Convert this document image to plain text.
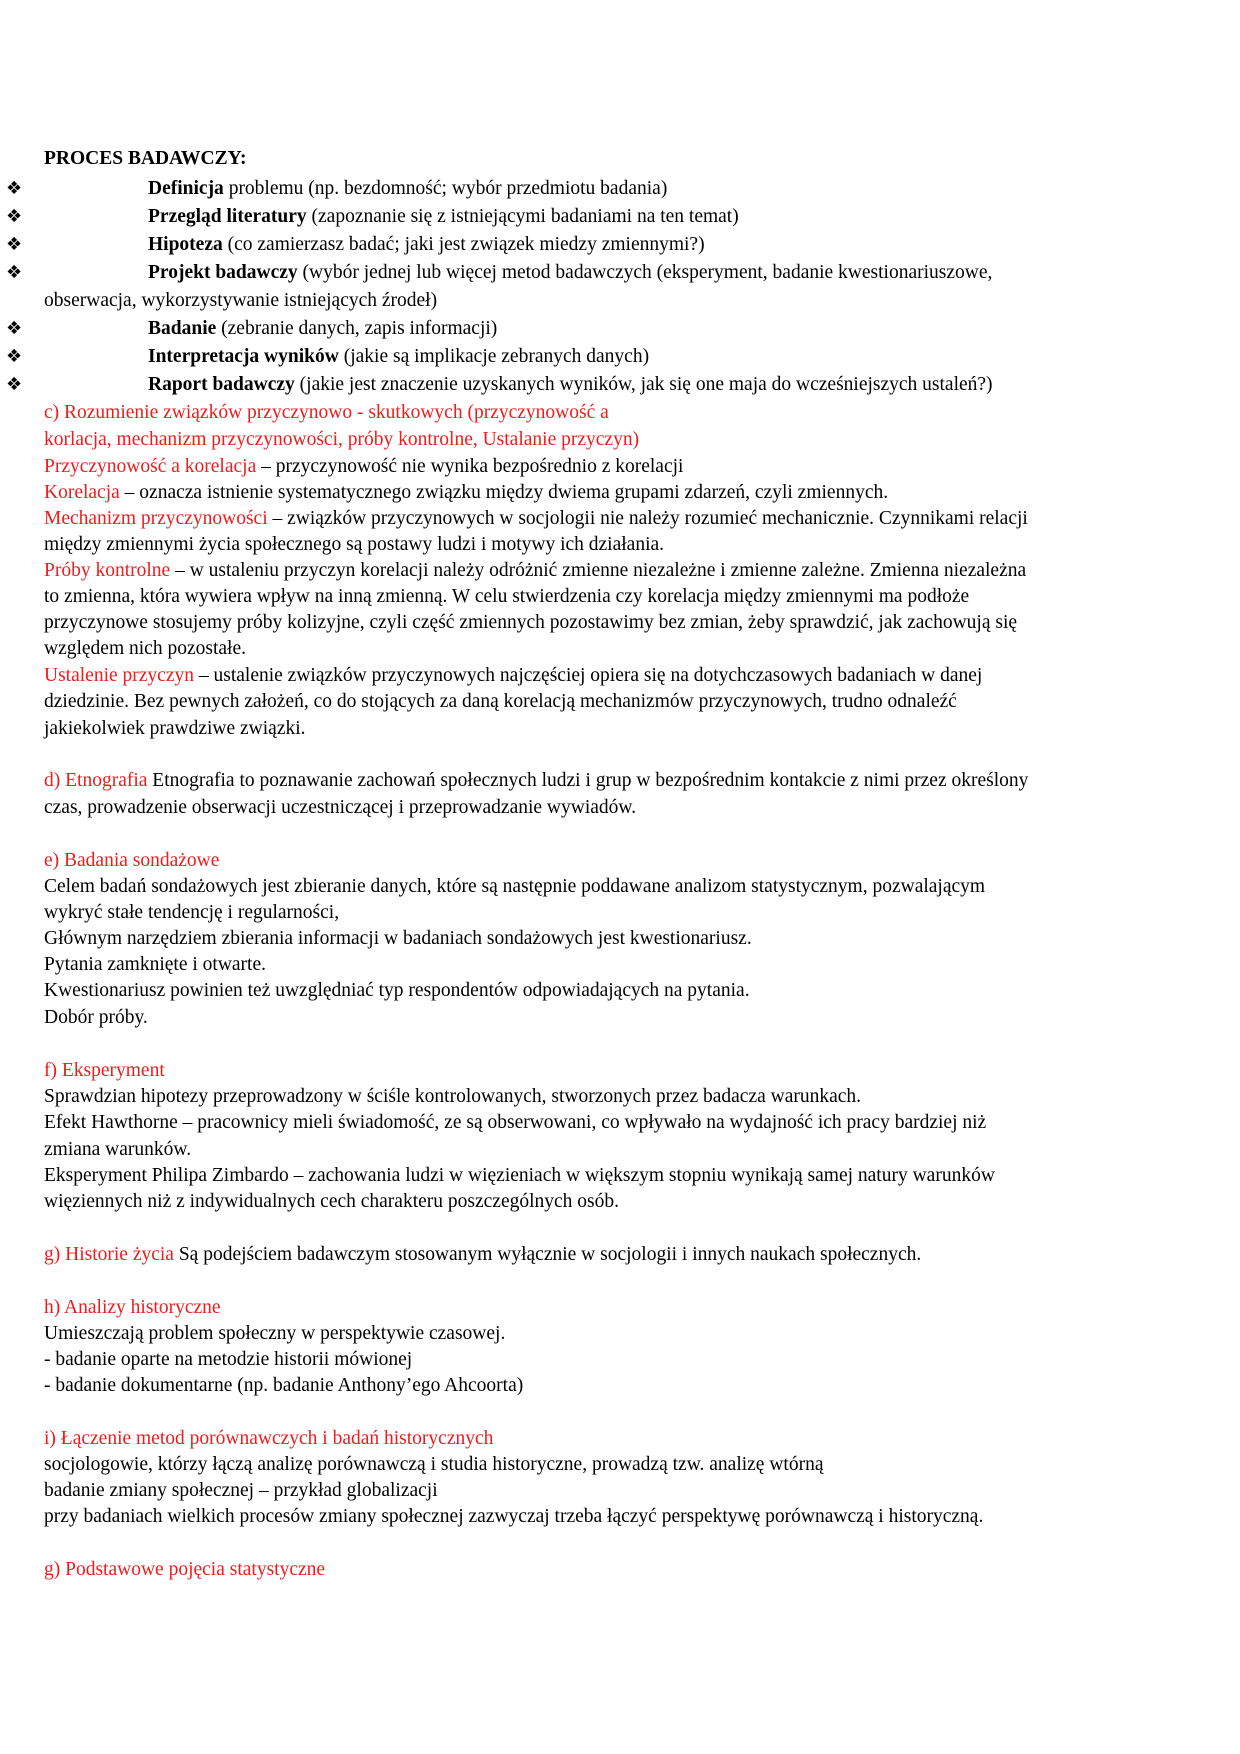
PROCES BADAWCZY:
❖	Definicja problemu (np. bezdomność; wybór przedmiotu badania)
❖	Przegląd literatury (zapoznanie się z istniejącymi badaniami na ten temat)
❖	Hipoteza (co zamierzasz badać; jaki jest związek miedzy zmiennymi?)
❖	Projekt badawczy (wybór jednej lub więcej metod badawczych (eksperyment, badanie kwestionariuszowe,
obserwacja, wykorzystywanie istniejących źrodeł)
❖	Badanie (zebranie danych, zapis informacji)
❖	Interpretacja wyników (jakie są implikacje zebranych danych)
❖	Raport badawczy (jakie jest znaczenie uzyskanych wyników, jak się one maja do wcześniejszych ustaleń?)
c) Rozumienie związków przyczynowo - skutkowych (przyczynowość a
korlacja, mechanizm przyczynowości, próby kontrolne, Ustalanie przyczyn)
Przyczynowość a korelacja – przyczynowość nie wynika bezpośrednio z korelacji
Korelacja – oznacza istnienie systematycznego związku między dwiema grupami zdarzeń, czyli zmiennych.
Mechanizm przyczynowości – związków przyczynowych w socjologii nie należy rozumieć mechanicznie. Czynnikami relacji
między zmiennymi życia społecznego są postawy ludzi i motywy ich działania.
Próby kontrolne – w ustaleniu przyczyn korelacji należy odróżnić zmienne niezależne i zmienne zależne. Zmienna niezależna
to zmienna, która wywiera wpływ na inną zmienną. W celu stwierdzenia czy korelacja między zmiennymi ma podłoże
przyczynowe stosujemy próby kolizyjne, czyli część zmiennych pozostawimy bez zmian, żeby sprawdzić, jak zachowują się
względem nich pozostałe.
Ustalenie przyczyn – ustalenie związków przyczynowych najczęściej opiera się na dotychczasowych badaniach w danej
dziedzinie. Bez pewnych założeń, co do stojących za daną korelacją mechanizmów przyczynowych, trudno odnaleźć
jakiekolwiek prawdziwe związki.
d) Etnografia Etnografia to poznawanie zachowań społecznych ludzi i grup w bezpośrednim kontakcie z nimi przez określony
czas, prowadzenie obserwacji uczestniczącej i przeprowadzanie wywiadów.
e) Badania sondażowe
Celem badań sondażowych jest zbieranie danych, które są następnie poddawane analizom statystycznym, pozwalającym
wykryć stałe tendencję i regularności,
Głównym narzędziem zbierania informacji w badaniach sondażowych jest kwestionariusz.
Pytania zamknięte i otwarte.
Kwestionariusz powinien też uwzględniać typ respondentów odpowiadających na pytania.
Dobór próby.
f) Eksperyment
Sprawdzian hipotezy przeprowadzony w ściśle kontrolowanych, stworzonych przez badacza warunkach.
Efekt Hawthorne – pracownicy mieli świadomość, ze są obserwowani, co wpływało na wydajność ich pracy bardziej niż
zmiana warunków.
Eksperyment Philipa Zimbardo – zachowania ludzi w więzieniach w większym stopniu wynikają samej natury warunków
więziennych niż z indywidualnych cech charakteru poszczególnych osób.
g) Historie życia Są podejściem badawczym stosowanym wyłącznie w socjologii i innych naukach społecznych.
h) Analizy historyczne
Umieszczają problem społeczny w perspektywie czasowej.
- badanie oparte na metodzie historii mówionej
- badanie dokumentarne (np. badanie Anthony’ego Ahcoorta)
i) Łączenie metod porównawczych i badań historycznych
socjologowie, którzy łączą analizę porównawczą i studia historyczne, prowadzą tzw. analizę wtórną
badanie zmiany społecznej – przykład globalizacji
przy badaniach wielkich procesów zmiany społecznej zazwyczaj trzeba łączyć perspektywę porównawczą i historyczną.
g) Podstawowe pojęcia statystyczne
